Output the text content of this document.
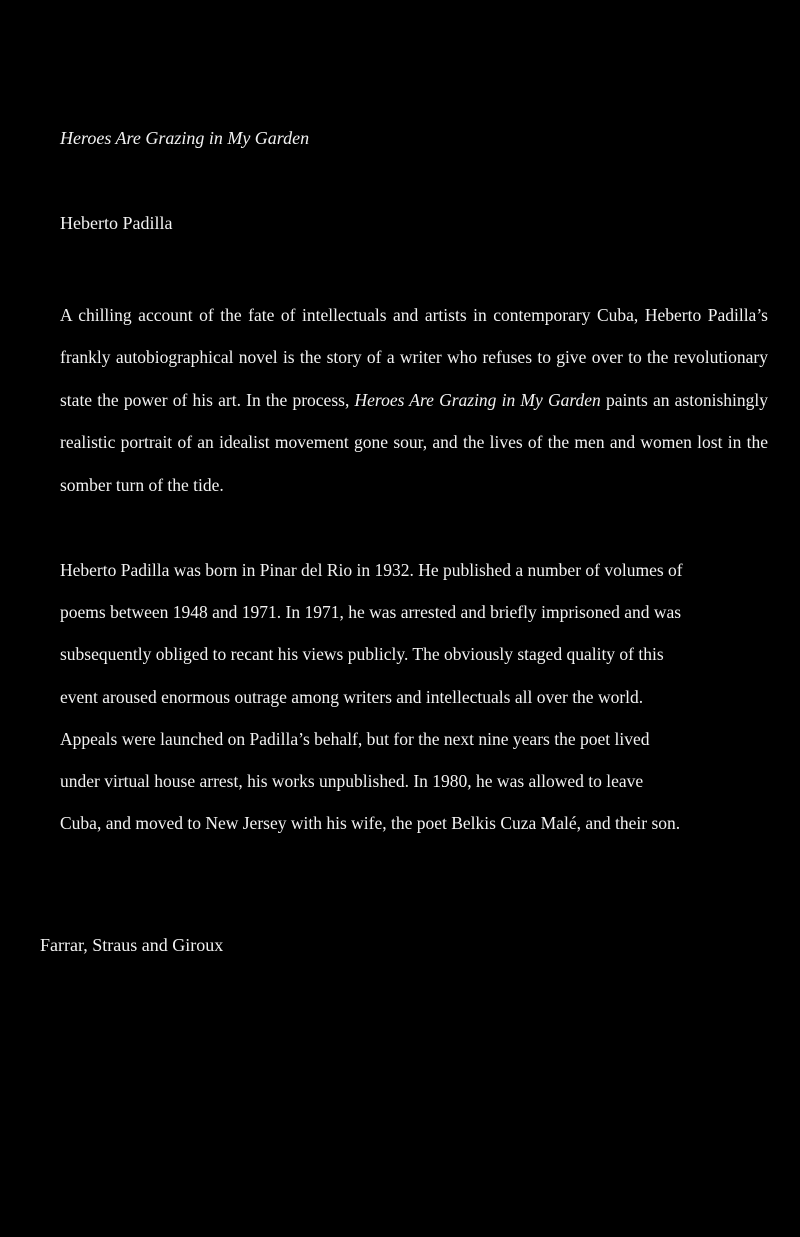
Heroes Are Grazing in My Garden

Heberto Padilla

A chilling account of the fate of intellectuals and artists in contemporary Cuba, Heberto Padilla’s frankly autobiographical novel is the story of a writer who refuses to give over to the revolutionary state the power of his art. In the process, Heroes Are Grazing in My Garden paints an astonishingly realistic portrait of an idealist movement gone sour, and the lives of the men and women lost in the somber turn of the tide.

Heberto Padilla was born in Pinar del Rio in 1932. He published a number of volumes of
poems between 1948 and 1971. In 1971, he was arrested and briefly imprisoned and was
subsequently obliged to recant his views publicly. The obviously staged quality of this
event aroused enormous outrage among writers and intellectuals all over the world.
Appeals were launched on Padilla’s behalf, but for the next nine years the poet lived
under virtual house arrest, his works unpublished. In 1980, he was allowed to leave
Cuba, and moved to New Jersey with his wife, the poet Belkis Cuza Malé, and their son.

Farrar, Straus and Giroux
